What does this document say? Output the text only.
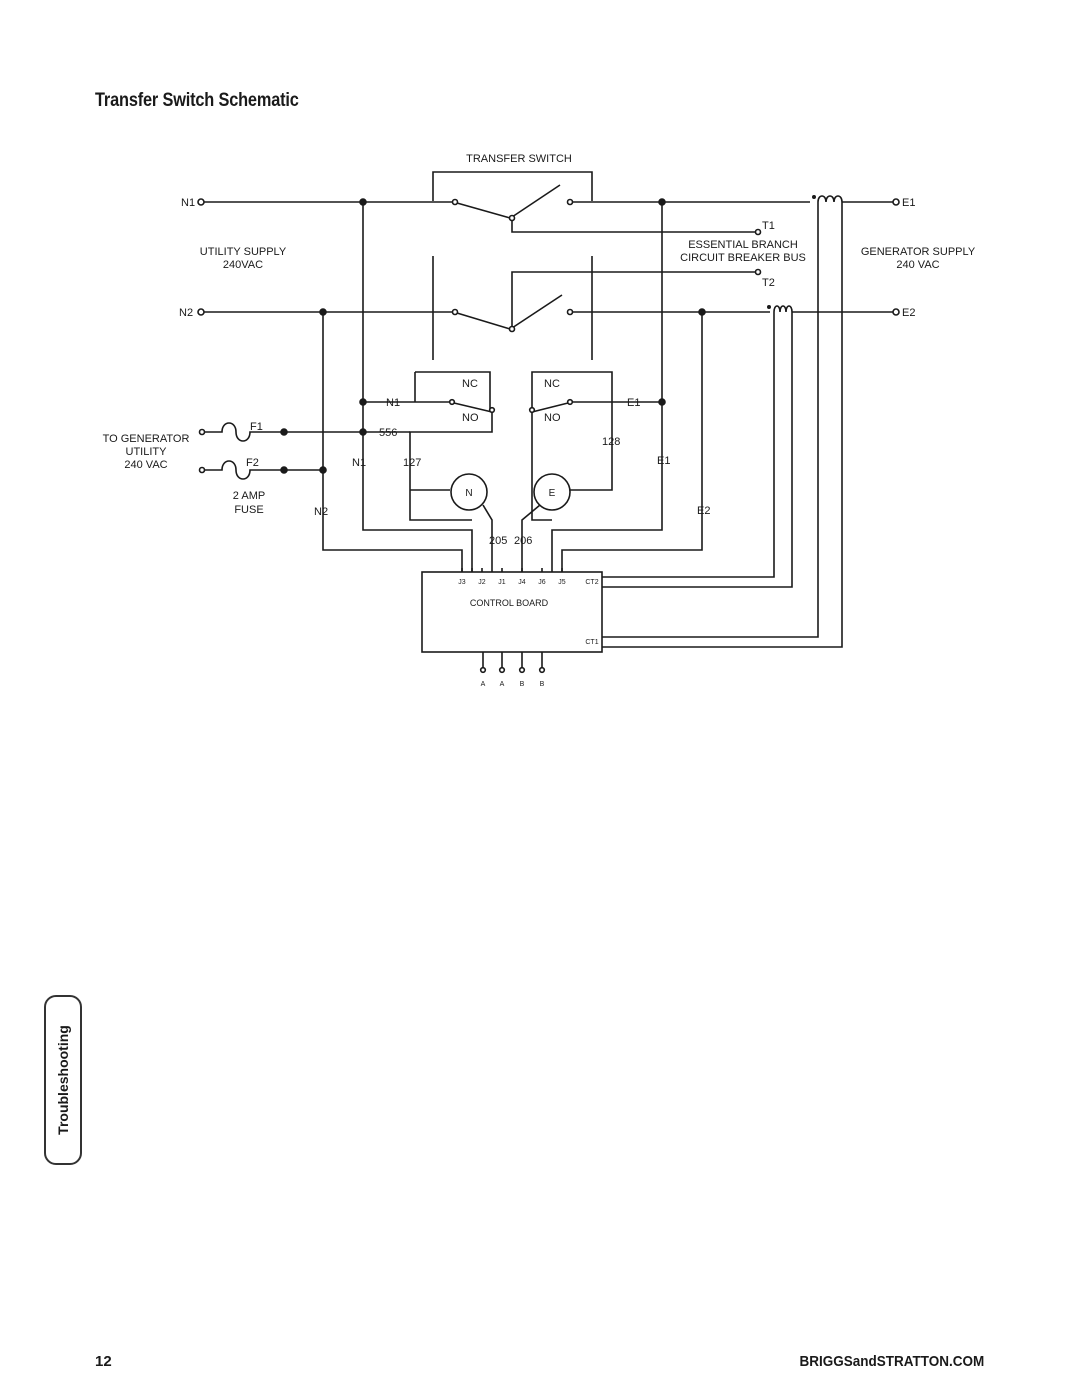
Transfer Switch Schematic
TRANSFER SWITCH
N1	E1
T1
UTILITY SUPPLY
240VAC
ESSENTIAL BRANCH
CIRCUIT BREAKER BUS	GENERATOR SUPPLY
240 VAC
T2
N2	E2
NC
NO
N1
NC
NO
E1
TO GENERATOR
UTILITY
240 VAC
F1
F2
2 AMP
FUSE
556
127
128
N1	E1
N2	E2
N	E
205 206
J3 J2 J1 J4 J6 J5	CT2
CT1
CONTROL BOARD
A A B B
Troubleshooting
12	BRIGGSandSTRATTON.COM
